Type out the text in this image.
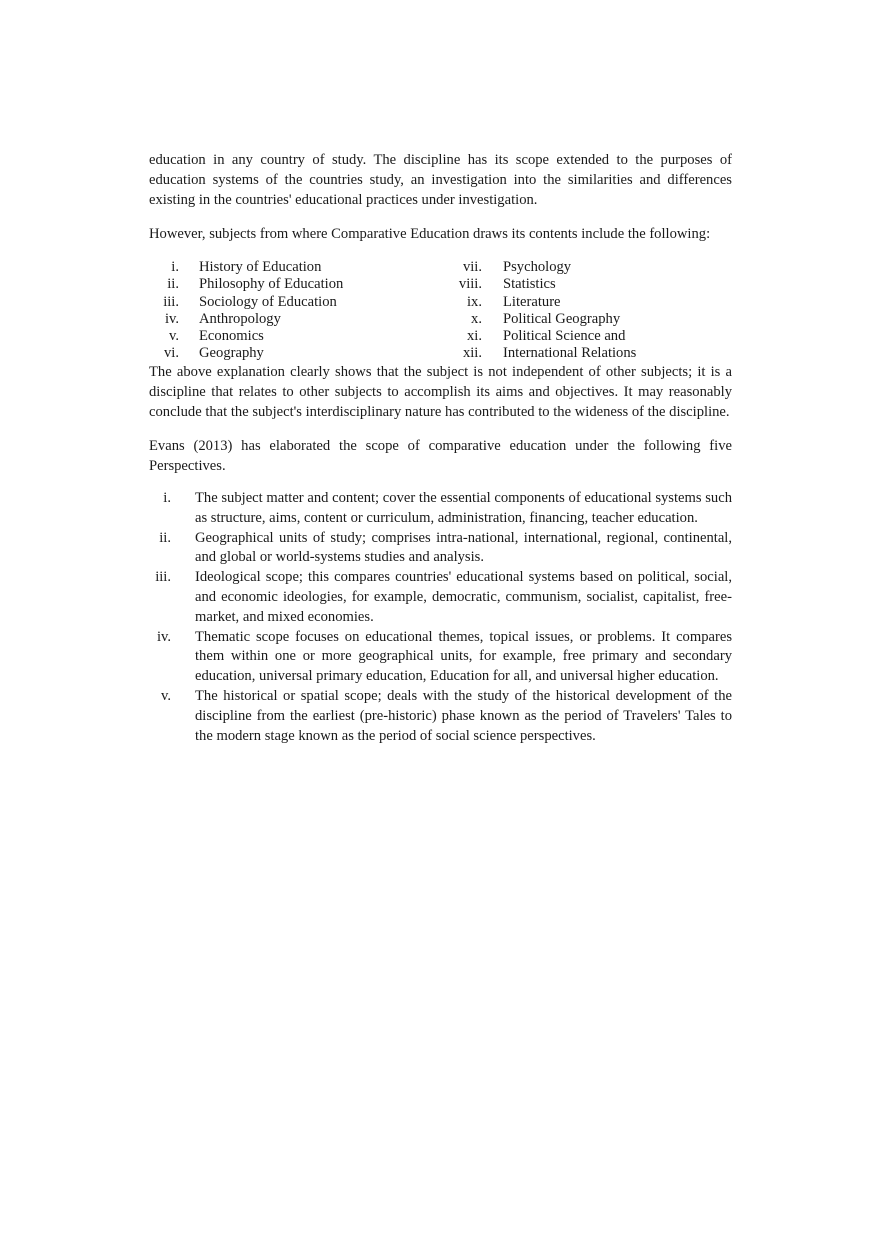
education in any country of study. The discipline has its scope extended to the purposes of education systems of the countries study, an investigation into the similarities and differences existing in the countries' educational practices under investigation.

However, subjects from where Comparative Education draws its contents include the following:

i. History of Education	vii. Psychology
ii. Philosophy of Education	viii. Statistics
iii. Sociology of Education	ix. Literature
iv. Anthropology	x. Political Geography
v. Economics	xi. Political Science and
vi. Geography	xii. International Relations

The above explanation clearly shows that the subject is not independent of other subjects; it is a discipline that relates to other subjects to accomplish its aims and objectives. It may reasonably conclude that the subject's interdisciplinary nature has contributed to the wideness of the discipline.

Evans (2013) has elaborated the scope of comparative education under the following five Perspectives.

i. The subject matter and content; cover the essential components of educational systems such as structure, aims, content or curriculum, administration, financing, teacher education.
ii. Geographical units of study; comprises intra-national, international, regional, continental, and global or world-systems studies and analysis.
iii. Ideological scope; this compares countries' educational systems based on political, social, and economic ideologies, for example, democratic, communism, socialist, capitalist, free-market, and mixed economies.
iv. Thematic scope focuses on educational themes, topical issues, or problems. It compares them within one or more geographical units, for example, free primary and secondary education, universal primary education, Education for all, and universal higher education.
v. The historical or spatial scope; deals with the study of the historical development of the discipline from the earliest (pre-historic) phase known as the period of Travelers' Tales to the modern stage known as the period of social science perspectives.
